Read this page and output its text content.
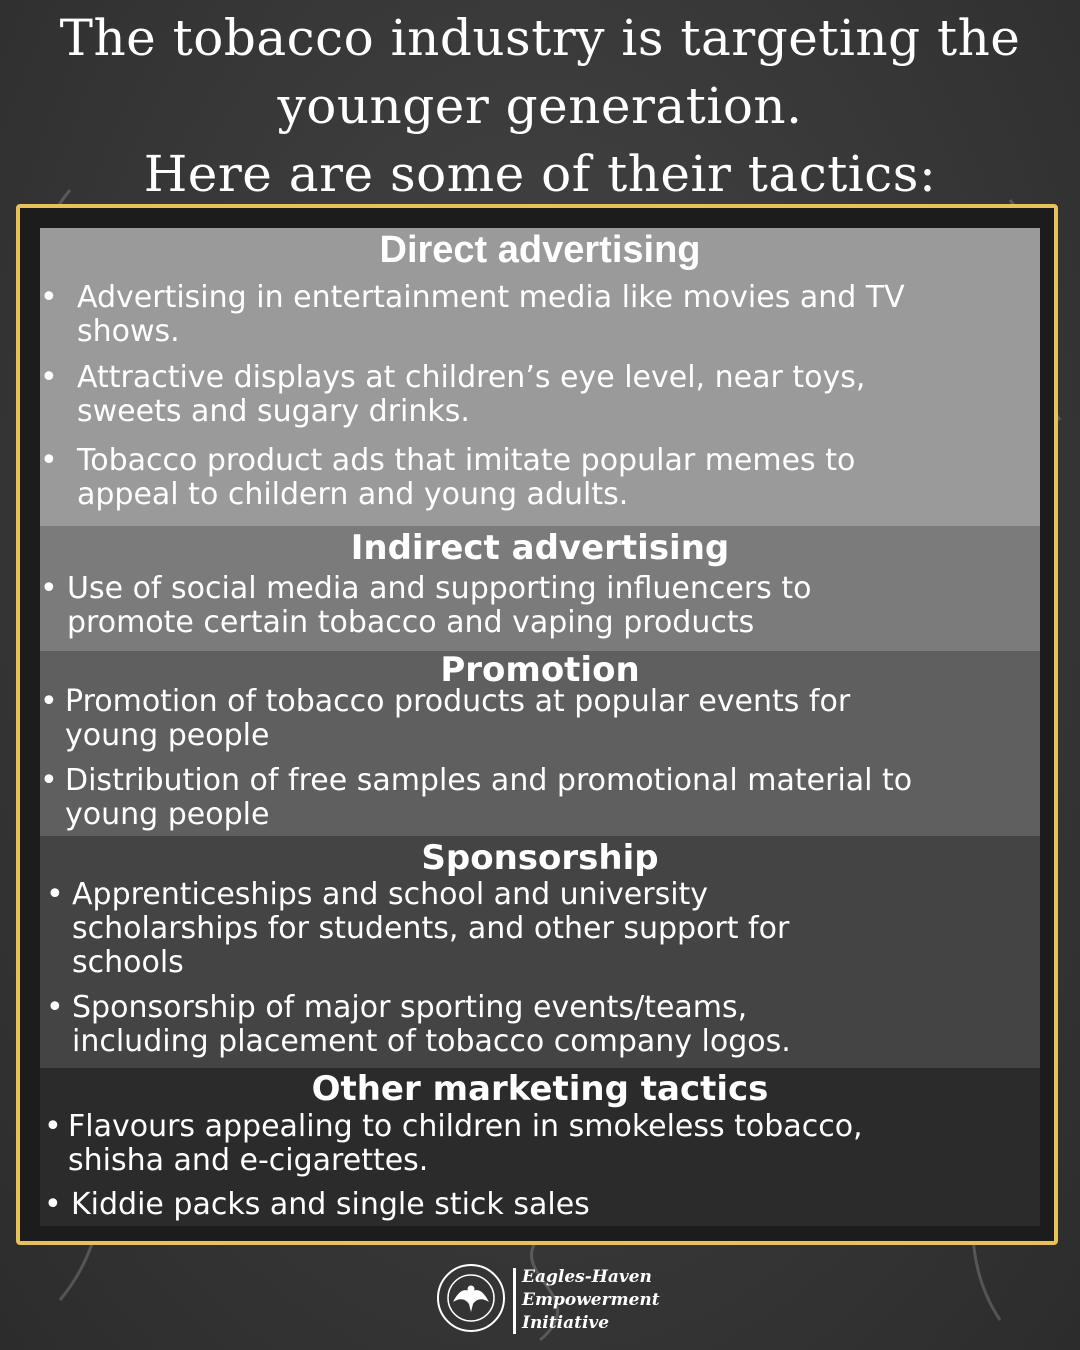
The tobacco industry is targeting the
younger generation.
Here are some of their tactics:
Direct advertising
• Advertising in entertainment media like movies and TV
shows.
• Attractive displays at children’s eye level, near toys,
sweets and sugary drinks.
• Tobacco product ads that imitate popular memes to
appeal to childern and young adults.
Indirect advertising
• Use of social media and supporting influencers to
promote certain tobacco and vaping products
Promotion
• Promotion of tobacco products at popular events for
young people
• Distribution of free samples and promotional material to
young people
Sponsorship
• Apprenticeships and school and university
scholarships for students, and other support for
schools
• Sponsorship of major sporting events/teams,
including placement of tobacco company logos.
Other marketing tactics
• Flavours appealing to children in smokeless tobacco,
shisha and e-cigarettes.
• Kiddie packs and single stick sales
Eagles-Haven
Empowerment
Initiative
